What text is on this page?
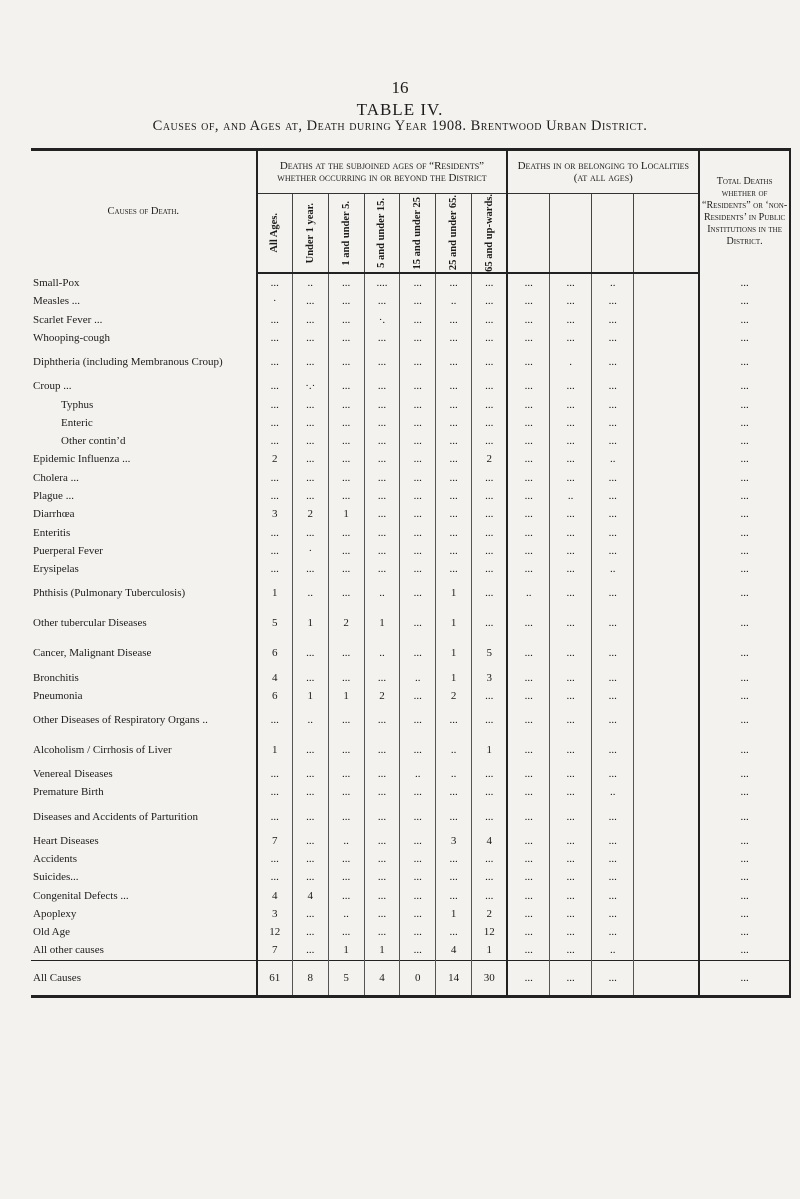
16
TABLE IV.
Causes of, and Ages at, Death during Year 1908. Brentwood Urban District.
Causes of Death.	Deaths at the subjoined ages of “Residents” whether occurring in or beyond the District							Deaths in or belonging to Localities (at all ages)				Total Deaths whether of “Residents” or ‘non-Residents’ in Public Institutions in the District.

	All Ages.	Under 1 year.	1 and under 5.	5 and under 15.	15 and under 25	25 and under 65.	65 and up-wards.					

Small-Pox	...	..	...	....	...	...	...	...	...	..		...
Measles ...	·	...	...	...	...	..	...	...	...	...		...
Scarlet Fever ...	...	...	...	·.	...	...	...	...	...	...		...
Whooping-cough	...	...	...	...	...	...	...	...	...	...		...
Diphtheria (including Membranous Croup)	...	...	...	...	...	...	...	...	.	...		...
Croup ...	...	·.·	...	...	...	...	...	...	...	...		...
Typhus	...	...	...	...	...	...	...	...	...	...		...
Enteric	...	...	...	...	...	...	...	...	...	...		...
Other contin’d	...	...	...	...	...	...	...	...	...	...		...
Epidemic Influenza ...	2	...	...	...	...	...	2	...	...	..		...
Cholera ...	...	...	...	...	...	...	...	...	...	...		...
Plague ...	...	...	...	...	...	...	...	...	..	...		...
Diarrhœa	3	2	1	...	...	...	...	...	...	...		...
Enteritis	...	...	...	...	...	...	...	...	...	...		...
Puerperal Fever	...	·	...	...	...	...	...	...	...	...		...
Erysipelas	...	...	...	...	...	...	...	...	...	..		...
Phthisis (Pulmonary Tuberculosis)	1	..	...	..	...	1	...	..	...	...		...
Other tubercular Diseases	5	1	2	1	...	1	...	...	...	...		...
Cancer, Malignant Disease	6	...	...	..	...	1	5	...	...	...		...
Bronchitis	4	...	...	...	..	1	3	...	...	...		...
Pneumonia	6	1	1	2	...	2	...	...	...	...		...
Other Diseases of Respiratory Organs ..	...	..	...	...	...	...	...	...	...	...		...
Alcoholism / Cirrhosis of Liver	1	...	...	...	...	..	1	...	...	...		...
Venereal Diseases	...	...	...	...	..	..	...	...	...	...		...
Premature Birth	...	...	...	...	...	...	...	...	...	..		...
Diseases and Accidents of Parturition	...	...	...	...	...	...	...	...	...	...		...
Heart Diseases	7	...	..	...	...	3	4	...	...	...		...
Accidents	...	...	...	...	...	...	...	...	...	...		...
Suicides...	...	...	...	...	...	...	...	...	...	...		...
Congenital Defects ...	4	4	...	...	...	...	...	...	...	...		...
Apoplexy	3	...	..	...	...	1	2	...	...	...		...
Old Age	12	...	...	...	...	...	12	...	...	...		...
All other causes	7	...	1	1	...	4	1	...	...	..		...
All Causes	61	8	5	4	0	14	30	...	...	...		...
